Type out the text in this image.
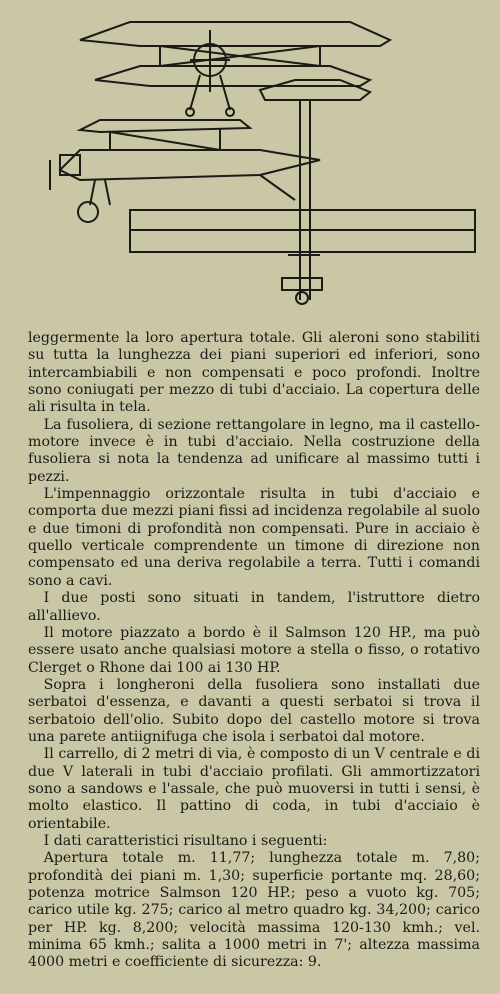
leggermente la loro apertura totale. Gli aleroni sono stabiliti su tutta la lunghezza dei piani superiori ed inferiori, sono intercambiabili e non compensati e poco profondi. Inoltre sono coniugati per mezzo di tubi d'acciaio. La copertura delle ali risulta in tela.

La fusoliera, di sezione rettangolare in legno, ma il castello-motore invece è in tubi d'acciaio. Nella costruzione della fusoliera si nota la tendenza ad unificare al massimo tutti i pezzi.

L'impennaggio orizzontale risulta in tubi d'acciaio e comporta due mezzi piani fissi ad incidenza regolabile al suolo e due timoni di profondità non compensati. Pure in acciaio è quello verticale comprendente un timone di direzione non compensato ed una deriva regolabile a terra. Tutti i comandi sono a cavi.

I due posti sono situati in tandem, l'istruttore dietro all'allievo.

Il motore piazzato a bordo è il Salmson 120 HP., ma può essere usato anche qualsiasi motore a stella o fisso, o rotativo Clerget o Rhone dai 100 ai 130 HP.

Sopra i longheroni della fusoliera sono installati due serbatoi d'essenza, e davanti a questi serbatoi si trova il serbatoio dell'olio. Subito dopo del castello motore si trova una parete antiignifuga che isola i serbatoi dal motore.

Il carrello, di 2 metri di via, è composto di un V centrale e di due V laterali in tubi d'acciaio profilati. Gli ammortizzatori sono a sandows e l'assale, che può muoversi in tutti i sensi, è molto elastico. Il pattino di coda, in tubi d'acciaio è orientabile.

I dati caratteristici risultano i seguenti:

Apertura totale m. 11,77; lunghezza totale m. 7,80; profondità dei piani m. 1,30; superficie portante mq. 28,60; potenza motrice Salmson 120 HP.; peso a vuoto kg. 705; carico utile kg. 275; carico al metro quadro kg. 34,200; carico per HP. kg. 8,200; velocità massima 120-130 kmh.; vel. minima 65 kmh.; salita a 1000 metri in 7'; altezza massima 4000 metri e coefficiente di sicurezza: 9.
